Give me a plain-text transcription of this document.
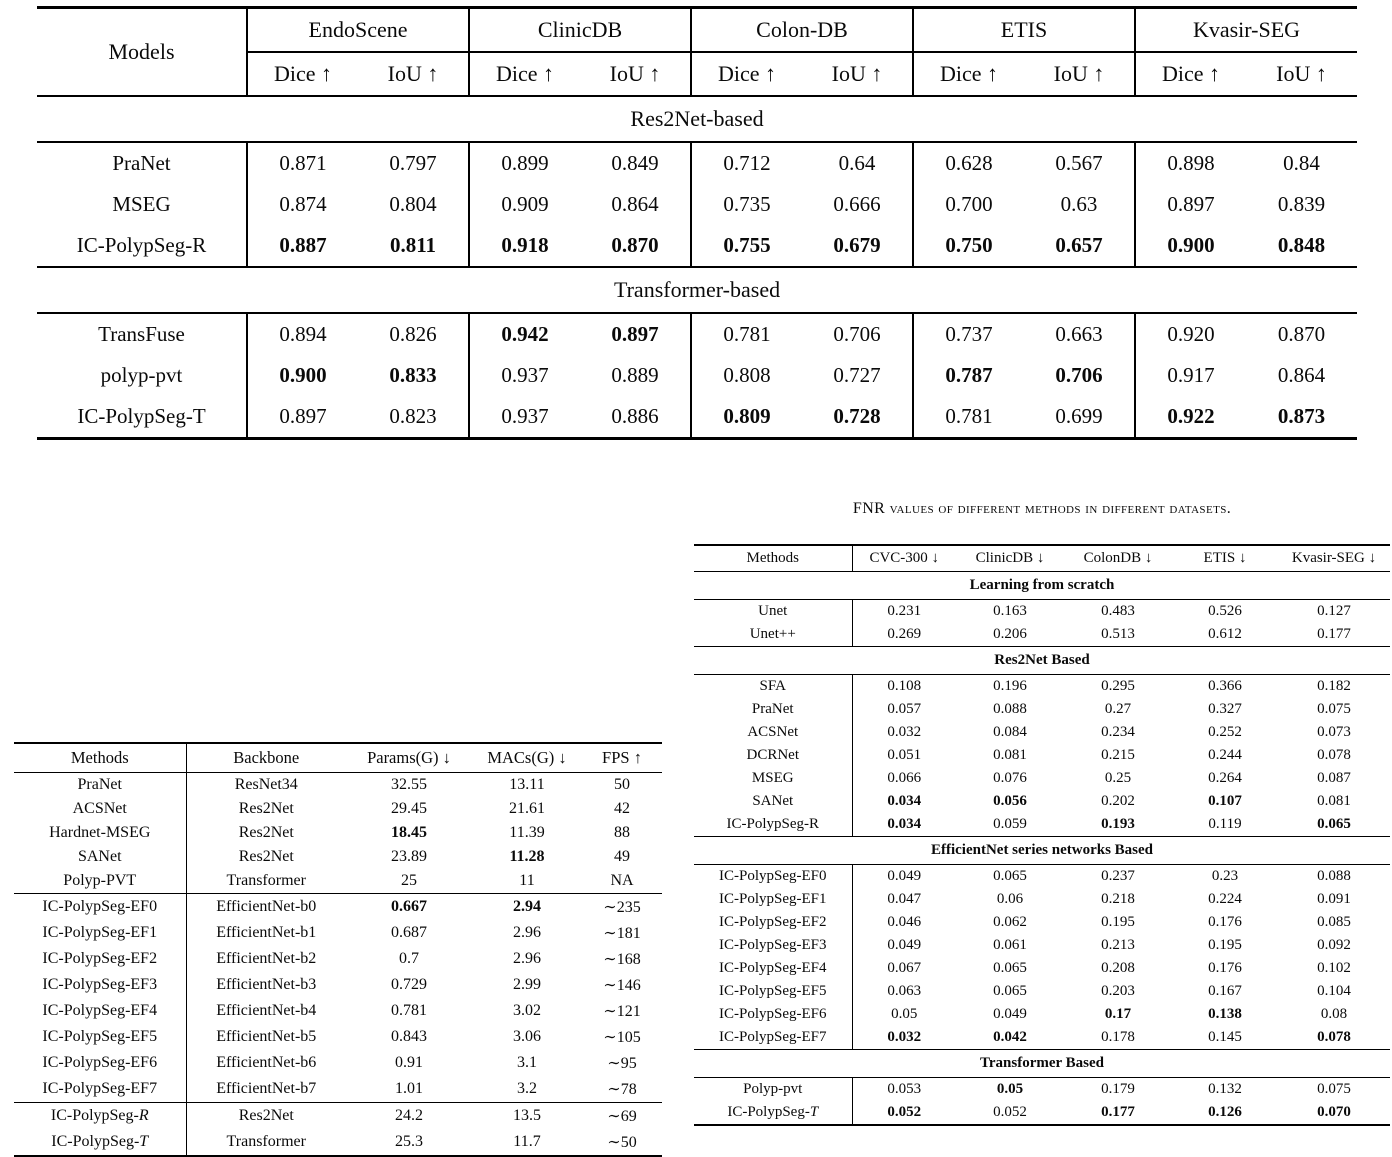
Models	EndoScene		ClinicDB		Colon-DB		ETIS		Kvasir-SEG	
	Dice ↑	IoU ↑	Dice ↑	IoU ↑	Dice ↑	IoU ↑	Dice ↑	IoU ↑	Dice ↑	IoU ↑
Res2Net-based										
PraNet	0.871	0.797	0.899	0.849	0.712	0.64	0.628	0.567	0.898	0.84
MSEG	0.874	0.804	0.909	0.864	0.735	0.666	0.700	0.63	0.897	0.839
IC-PolypSeg-R	0.887	0.811	0.918	0.870	0.755	0.679	0.750	0.657	0.900	0.848
Transformer-based										
TransFuse	0.894	0.826	0.942	0.897	0.781	0.706	0.737	0.663	0.920	0.870
polyp-pvt	0.900	0.833	0.937	0.889	0.808	0.727	0.787	0.706	0.917	0.864
IC-PolypSeg-T	0.897	0.823	0.937	0.886	0.809	0.728	0.781	0.699	0.922	0.873
Methods	Backbone	Params(G) ↓	MACs(G) ↓	FPS ↑
PraNet	ResNet34	32.55	13.11	50
ACSNet	Res2Net	29.45	21.61	42
Hardnet-MSEG	Res2Net	18.45	11.39	88
SANet	Res2Net	23.89	11.28	49
Polyp-PVT	Transformer	25	11	NA
IC-PolypSeg-EF0	EfficientNet-b0	0.667	2.94	∼235
IC-PolypSeg-EF1	EfficientNet-b1	0.687	2.96	∼181
IC-PolypSeg-EF2	EfficientNet-b2	0.7	2.96	∼168
IC-PolypSeg-EF3	EfficientNet-b3	0.729	2.99	∼146
IC-PolypSeg-EF4	EfficientNet-b4	0.781	3.02	∼121
IC-PolypSeg-EF5	EfficientNet-b5	0.843	3.06	∼105
IC-PolypSeg-EF6	EfficientNet-b6	0.91	3.1	∼95
IC-PolypSeg-EF7	EfficientNet-b7	1.01	3.2	∼78
IC-PolypSeg-R	Res2Net	24.2	13.5	∼69
IC-PolypSeg-T	Transformer	25.3	11.7	∼50
FNR values of different methods in different datasets.
Methods	CVC-300 ↓	ClinicDB ↓	ColonDB ↓	ETIS ↓	Kvasir-SEG ↓
Learning from scratch					
Unet	0.231	0.163	0.483	0.526	0.127
Unet++	0.269	0.206	0.513	0.612	0.177
Res2Net Based					
SFA	0.108	0.196	0.295	0.366	0.182
PraNet	0.057	0.088	0.27	0.327	0.075
ACSNet	0.032	0.084	0.234	0.252	0.073
DCRNet	0.051	0.081	0.215	0.244	0.078
MSEG	0.066	0.076	0.25	0.264	0.087
SANet	0.034	0.056	0.202	0.107	0.081
IC-PolypSeg-R	0.034	0.059	0.193	0.119	0.065
EfficientNet series networks Based					
IC-PolypSeg-EF0	0.049	0.065	0.237	0.23	0.088
IC-PolypSeg-EF1	0.047	0.06	0.218	0.224	0.091
IC-PolypSeg-EF2	0.046	0.062	0.195	0.176	0.085
IC-PolypSeg-EF3	0.049	0.061	0.213	0.195	0.092
IC-PolypSeg-EF4	0.067	0.065	0.208	0.176	0.102
IC-PolypSeg-EF5	0.063	0.065	0.203	0.167	0.104
IC-PolypSeg-EF6	0.05	0.049	0.17	0.138	0.08
IC-PolypSeg-EF7	0.032	0.042	0.178	0.145	0.078
Transformer Based					
Polyp-pvt	0.053	0.05	0.179	0.132	0.075
IC-PolypSeg-T	0.052	0.052	0.177	0.126	0.070
